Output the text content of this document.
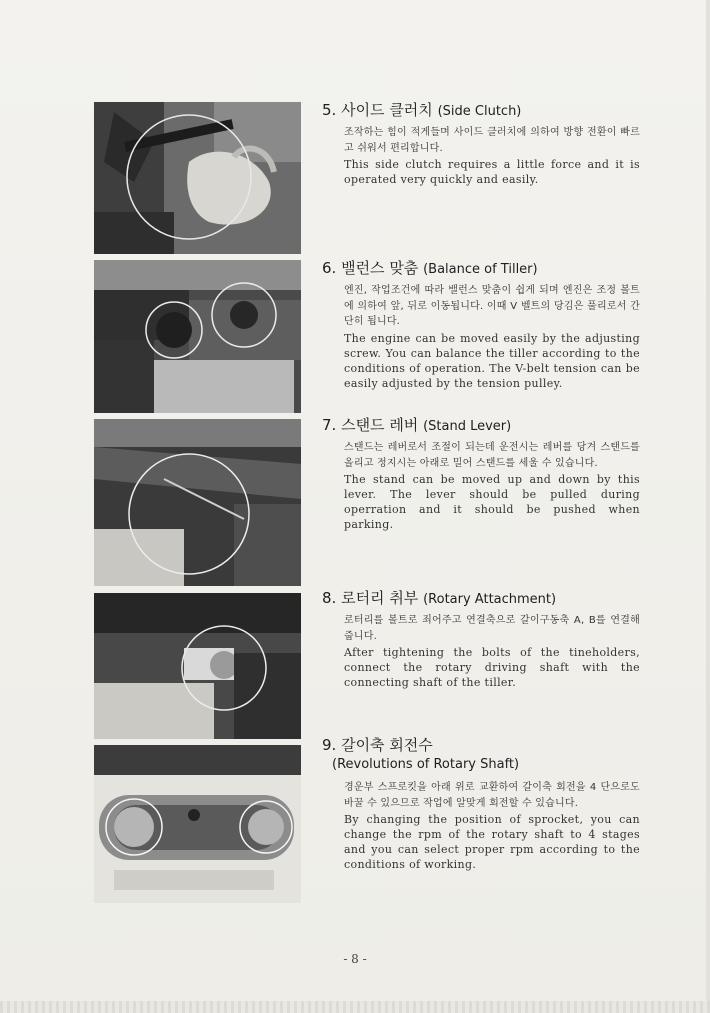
5. 사이드 클러치 (Side Clutch)

조작하는 힘이 적게들며 사이드 클러치에 의하여 방향 전환이 빠르고 쉬워서 편리합니다.

This side clutch requires a little force and it is operated very quickly and easily.

6. 밸런스 맞춤 (Balance of Tiller)

엔진, 작업조건에 따라 밸런스 맞춤이 쉽게 되며 엔진은 조정 볼트 에 의하여 앞, 뒤로 이동됩니다. 이때 V 벨트의 당김은 풀리로서 간단히 됩니다.

The engine can be moved easily by the adjusting screw. You can balance the tiller according to the conditions of operation. The V-belt tension can be easily adjusted by the tension pulley.

7. 스탠드 레버 (Stand Lever)

스탠드는 레버로서 조절이 되는데 운전시는 레버를 당겨 스탠드를 올리고 정지시는 아래로 밀어 스탠드를 세울 수 있습니다.

The stand can be moved up and down by this lever. The lever should be pulled during operration and it should be pushed when parking.

8. 로터리 취부 (Rotary Attachment)

로터리를 볼트로 죄어주고 연결축으로 갈이구동축 A, B를 연결해 줍니다.

After tightening the bolts of the tineholders, connect the rotary driving shaft with the connecting shaft of the tiller.

9. 갈이축 회전수
(Revolutions of Rotary Shaft)

경운부 스프로킷을 아래 위로 교환하여 갈이축 회전을 4 단으로도 바꿀 수 있으므로 작업에 알맞게 회전할 수 있습니다.

By changing the position of sprocket, you can change the rpm of the rotary shaft to 4 stages and you can select proper rpm according to the conditions of working.

- 8 -
